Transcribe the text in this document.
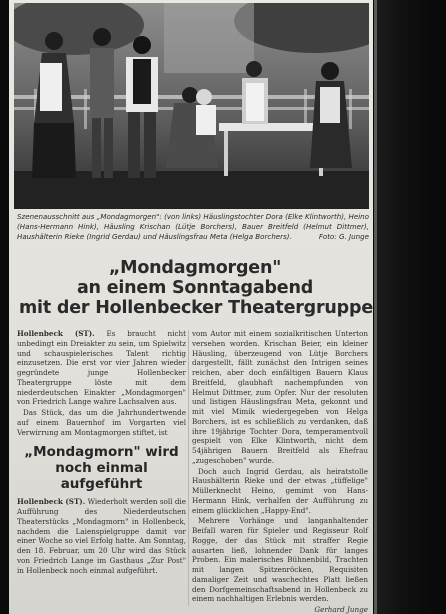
Szenenausschnitt aus „Mondagmorgen": (von links) Häuslingstochter Dora (Elke Klintworth), Heino (Hans-Hermann Hink), Häusling Krischan (Lütje Borchers), Bauer Breitfeld (Helmut Dittmer), Haushälterin Rieke (Ingrid Gerdau) und Häuslingsfrau Meta (Helga Borchers).	Foto: G. Junge
„Mondagmorgen"
an einem Sonntagabend
mit der Hollenbecker Theatergruppe

Hollenbeck (ST). Es braucht nicht unbedingt ein Dreiakter zu sein, um Spielwitz und schauspielerisches Talent richtig einzusetzen. Die erst vor vier Jahren wieder gegründete junge Hollenbecker Theatergruppe löste mit dem niederdeutschen Einakter „Mondagmorgen" von Friedrich Lange wahre Lachsalven aus.

Das Stück, das um die Jahrhundertwende auf einem Bauernhof im Vorgarten viel Verwirrung am Montagmorgen stiftet, ist

„Mondagmorn" wird
noch einmal aufgeführt

Hollenbeck (ST). Wiederholt werden soll die Aufführung des Niederdeutschen Theaterstücks „Mondagmorn" in Hollenbeck, nachdem die Laienspielgruppe damit vor einer Woche so viel Erfolg hatte. Am Sonntag, den 18. Februar, um 20 Uhr wird das Stück von Friedrich Lange im Gasthaus „Zur Post" in Hollenbeck noch einmal aufgeführt.

vom Autor mit einem sozialkritischen Unterton versehen worden. Krischan Beier, ein kleiner Häusling, überzeugend von Lütje Borchers dargestellt, fällt zunächst den Intrigen seines reichen, aber doch einfältigen Bauern Klaus Breitfeld, glaubhaft nachempfunden von Helmut Dittmer, zum Opfer. Nur der resoluten und listigen Häuslingsfrau Meta, gekonnt und mit viel Mimik wiedergegeben von Helga Borchers, ist es schließlich zu verdanken, daß ihre 19jährige Tochter Dora, temperamentvoll gespielt von Elke Klintworth, nicht dem 54jährigen Bauern Breitfeld als Ehefrau „zugeschoben" wurde.

Doch auch Ingrid Gerdau, als heiratstolle Haushälterin Rieke und der etwas „tüffelige" Müllerknecht Heino, gemimt von Hans-Hermann Hink, verhalfen der Aufführung zu einem glücklichen „Happy-End".

Mehrere Vorhänge und langanhaltender Beifall waren für Spieler und Regisseur Rolf Rogge, der das Stück mit straffer Regie ausarten ließ, lohnender Dank für langes Proben. Ein malerisches Bühnenbild, Trachten mit langen Spitzenröcken, Requisiten damaliger Zeit und waschechtes Platt ließen den Dorfgemeinschaftsabend in Hollenbeck zu einem nachhaltigen Erlebnis werden.

Gerhard Junge
